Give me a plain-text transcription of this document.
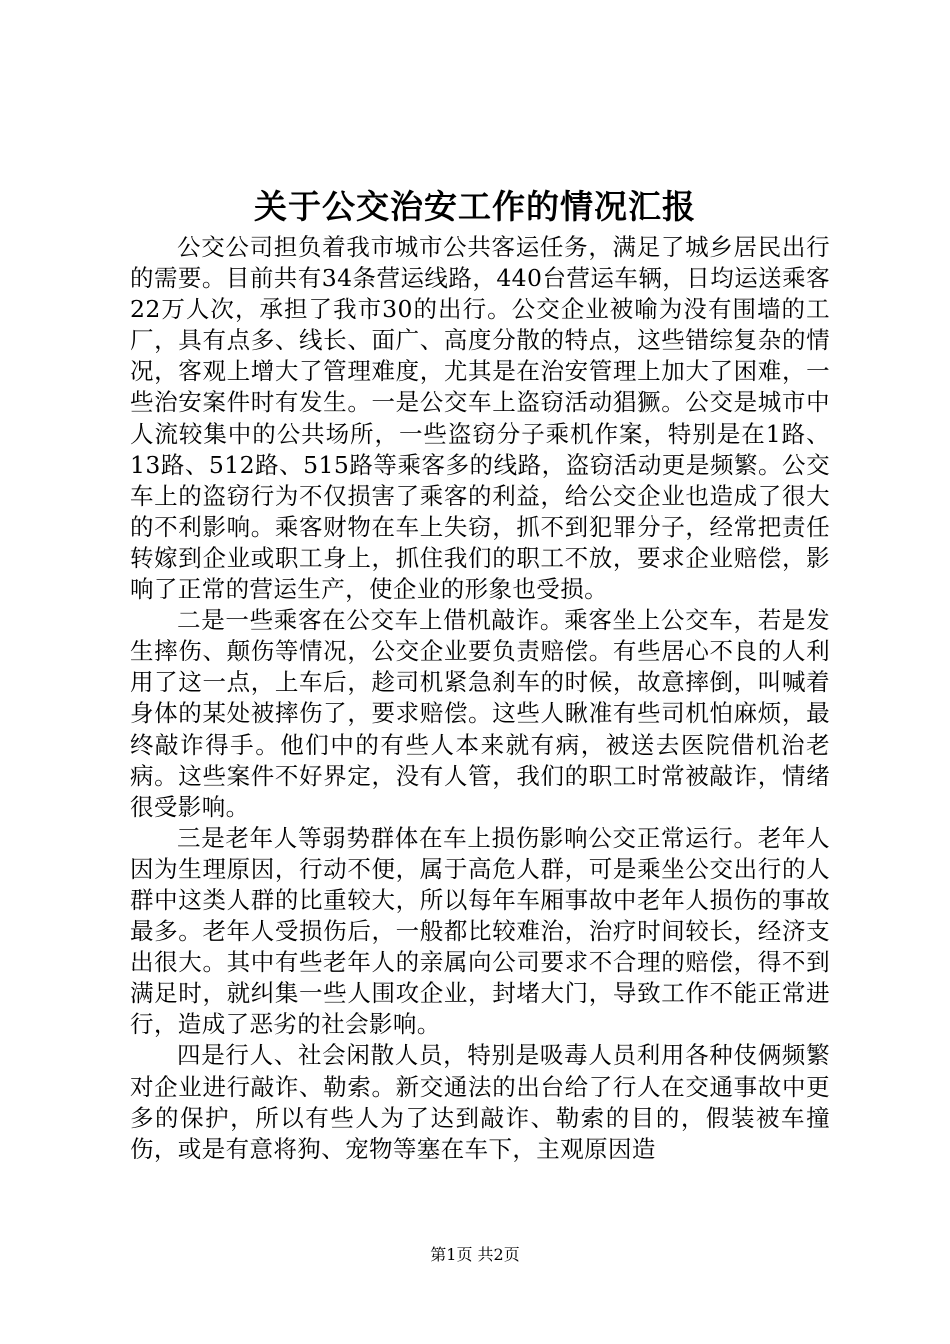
关于公交治安工作的情况汇报

公交公司担负着我市城市公共客运任务，满足了城乡居民出行的需要。目前共有34条营运线路，440台营运车辆，日均运送乘客22万人次，承担了我市30的出行。公交企业被喻为没有围墙的工厂，具有点多、线长、面广、高度分散的特点，这些错综复杂的情况，客观上增大了管理难度，尤其是在治安管理上加大了困难，一些治安案件时有发生。一是公交车上盗窃活动猖獗。公交是城市中人流较集中的公共场所，一些盗窃分子乘机作案，特别是在1路、13路、512路、515路等乘客多的线路，盗窃活动更是频繁。公交车上的盗窃行为不仅损害了乘客的利益，给公交企业也造成了很大的不利影响。乘客财物在车上失窃，抓不到犯罪分子，经常把责任转嫁到企业或职工身上，抓住我们的职工不放，要求企业赔偿，影响了正常的营运生产，使企业的形象也受损。

二是一些乘客在公交车上借机敲诈。乘客坐上公交车，若是发生摔伤、颠伤等情况，公交企业要负责赔偿。有些居心不良的人利用了这一点，上车后，趁司机紧急刹车的时候，故意摔倒，叫喊着身体的某处被摔伤了，要求赔偿。这些人瞅准有些司机怕麻烦，最终敲诈得手。他们中的有些人本来就有病，被送去医院借机治老病。这些案件不好界定，没有人管，我们的职工时常被敲诈，情绪很受影响。

三是老年人等弱势群体在车上损伤影响公交正常运行。老年人因为生理原因，行动不便，属于高危人群，可是乘坐公交出行的人群中这类人群的比重较大，所以每年车厢事故中老年人损伤的事故最多。老年人受损伤后，一般都比较难治，治疗时间较长，经济支出很大。其中有些老年人的亲属向公司要求不合理的赔偿，得不到满足时，就纠集一些人围攻企业，封堵大门，导致工作不能正常进行，造成了恶劣的社会影响。

四是行人、社会闲散人员，特别是吸毒人员利用各种伎俩频繁对企业进行敲诈、勒索。新交通法的出台给了行人在交通事故中更多的保护，所以有些人为了达到敲诈、勒索的目的，假装被车撞伤，或是有意将狗、宠物等塞在车下，主观原因造

第1页 共2页
